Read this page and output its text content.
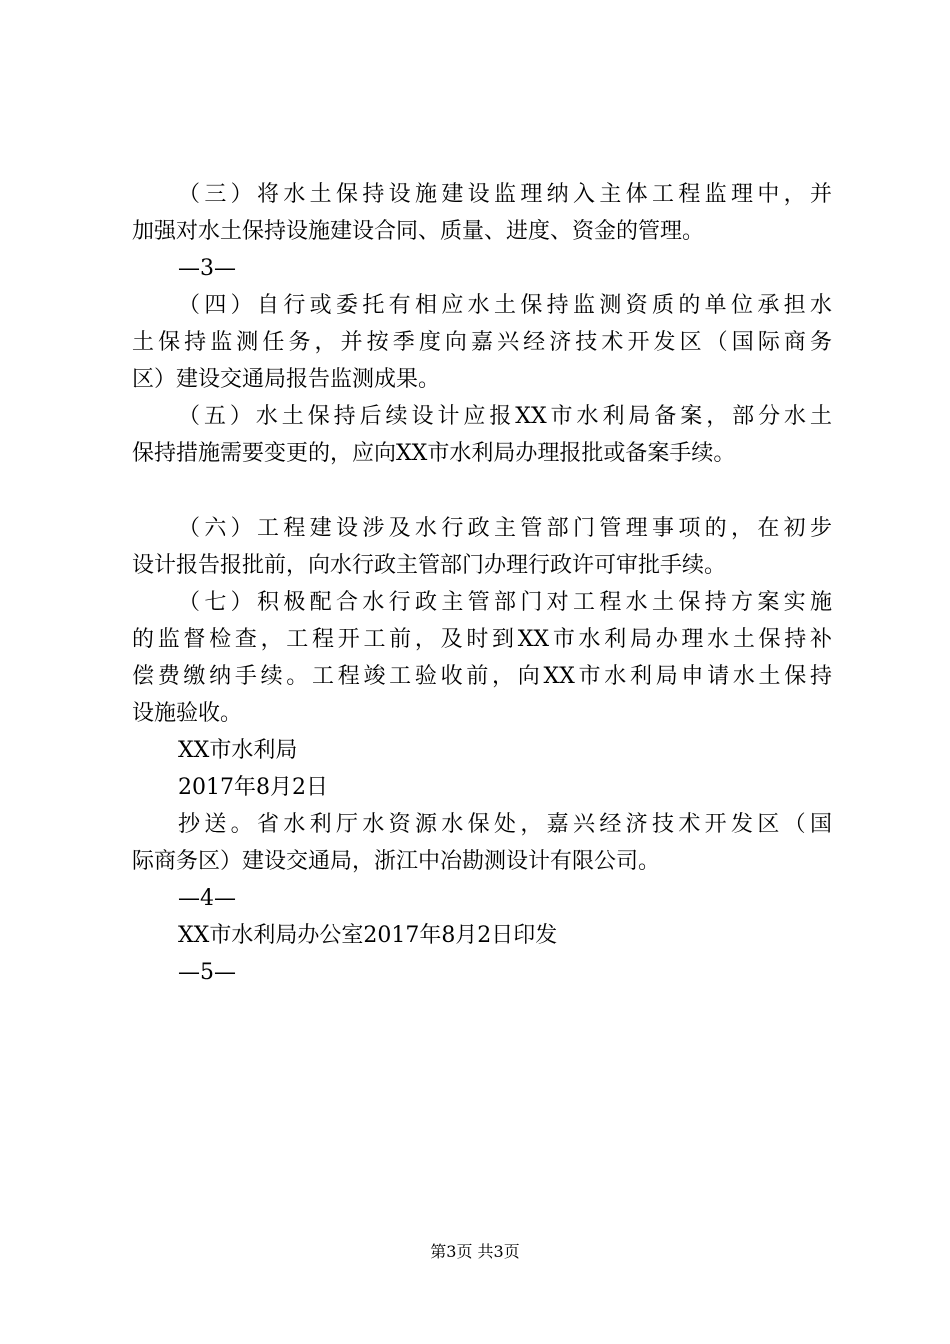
（三）将水土保持设施建设监理纳入主体工程监理中，并
加强对水土保持设施建设合同、质量、进度、资金的管理。
—3—
（四）自行或委托有相应水土保持监测资质的单位承担水
土保持监测任务，并按季度向嘉兴经济技术开发区（国际商务
区）建设交通局报告监测成果。
（五）水土保持后续设计应报XX市水利局备案，部分水土
保持措施需要变更的，应向XX市水利局办理报批或备案手续。
（六）工程建设涉及水行政主管部门管理事项的，在初步
设计报告报批前，向水行政主管部门办理行政许可审批手续。
（七）积极配合水行政主管部门对工程水土保持方案实施
的监督检查，工程开工前，及时到XX市水利局办理水土保持补
偿费缴纳手续。工程竣工验收前，向XX市水利局申请水土保持
设施验收。
XX市水利局
2017年8月2日
抄送。省水利厅水资源水保处，嘉兴经济技术开发区（国
际商务区）建设交通局，浙江中冶勘测设计有限公司。
—4—
XX市水利局办公室2017年8月2日印发
—5—
第3页 共3页
